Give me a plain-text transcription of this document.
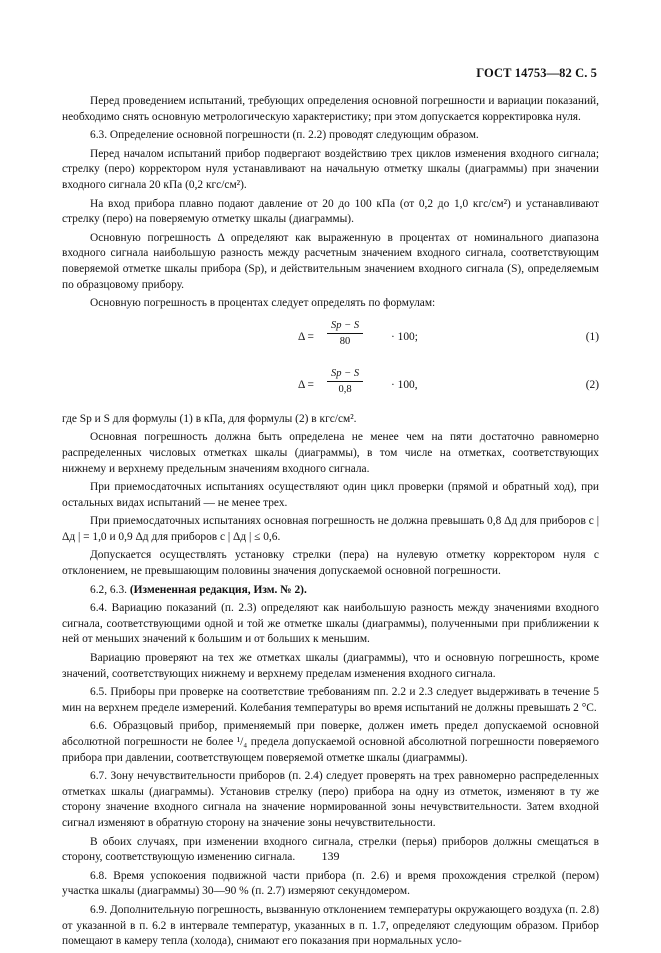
ГОСТ 14753—82 С. 5

Перед проведением испытаний, требующих определения основной погрешности и вариации показаний, необходимо снять основную метрологическую характеристику; при этом допускается корректировка нуля.

6.3. Определение основной погрешности (п. 2.2) проводят следующим образом.

Перед началом испытаний прибор подвергают воздействию трех циклов изменения входного сигнала; стрелку (перо) корректором нуля устанавливают на начальную отметку шкалы (диаграммы) при значении входного сигнала 20 кПа (0,2 кгс/см²).

На вход прибора плавно подают давление от 20 до 100 кПа (от 0,2 до 1,0 кгс/см²) и устанавливают стрелку (перо) на поверяемую отметку шкалы (диаграммы).

Основную погрешность Δ определяют как выраженную в процентах от номинального диапазона входного сигнала наибольшую разность между расчетным значением входного сигнала, соответствующим поверяемой отметке шкалы прибора (Sp), и действительным значением входного сигнала (S), определяемым по образцовому прибору.

Основную погрешность в процентах следует определять по формулам:

$\Delta = \frac{Sp - S}{80} \cdot 100$;	(1)
$\Delta = \frac{Sp - S}{0,8} \cdot 100$,	(2)

где Sp и S для формулы (1) в кПа, для формулы (2) в кгс/см².

Основная погрешность должна быть определена не менее чем на пяти достаточно равномерно распределенных числовых отметках шкалы (диаграммы), в том числе на отметках, соответствующих нижнему и верхнему предельным значениям входного сигнала.

При приемосдаточных испытаниях осуществляют один цикл проверки (прямой и обратный ход), при остальных видах испытаний — не менее трех.

При приемосдаточных испытаниях основная погрешность не должна превышать 0,8 Δд для приборов с | Δд | = 1,0 и 0,9 Δд для приборов с | Δд | ≤ 0,6.

Допускается осуществлять установку стрелки (пера) на нулевую отметку корректором нуля с отклонением, не превышающим половины значения допускаемой основной погрешности.

6.2, 6.3. (Измененная редакция, Изм. № 2).

6.4. Вариацию показаний (п. 2.3) определяют как наибольшую разность между значениями входного сигнала, соответствующими одной и той же отметке шкалы (диаграммы), полученными при приближении к ней от меньших значений к большим и от больших к меньшим.

Вариацию проверяют на тех же отметках шкалы (диаграммы), что и основную погрешность, кроме значений, соответствующих нижнему и верхнему пределам изменения входного сигнала.

6.5. Приборы при проверке на соответствие требованиям пп. 2.2 и 2.3 следует выдерживать в течение 5 мин на верхнем пределе измерений. Колебания температуры во время испытаний не должны превышать 2 °С.

6.6. Образцовый прибор, применяемый при поверке, должен иметь предел допускаемой основной абсолютной погрешности не более ¹/₄ предела допускаемой основной абсолютной погрешности поверяемого прибора при давлении, соответствующем поверяемой отметке шкалы (диаграммы).

6.7. Зону нечувствительности приборов (п. 2.4) следует проверять на трех равномерно распределенных отметках шкалы (диаграммы). Установив стрелку (перо) прибора на одну из отметок, изменяют в ту же сторону значение входного сигнала на значение нормированной зоны нечувствительности. Затем входной сигнал изменяют в обратную сторону на значение зоны нечувствительности.

В обоих случаях, при изменении входного сигнала, стрелки (перья) приборов должны смещаться в сторону, соответствующую изменению сигнала.

6.8. Время успокоения подвижной части прибора (п. 2.6) и время прохождения стрелкой (пером) участка шкалы (диаграммы) 30—90 % (п. 2.7) измеряют секундомером.

6.9. Дополнительную погрешность, вызванную отклонением температуры окружающего воздуха (п. 2.8) от указанной в п. 6.2 в интервале температур, указанных в п. 1.7, определяют следующим образом. Прибор помещают в камеру тепла (холода), снимают его показания при нормальных усло-

139
